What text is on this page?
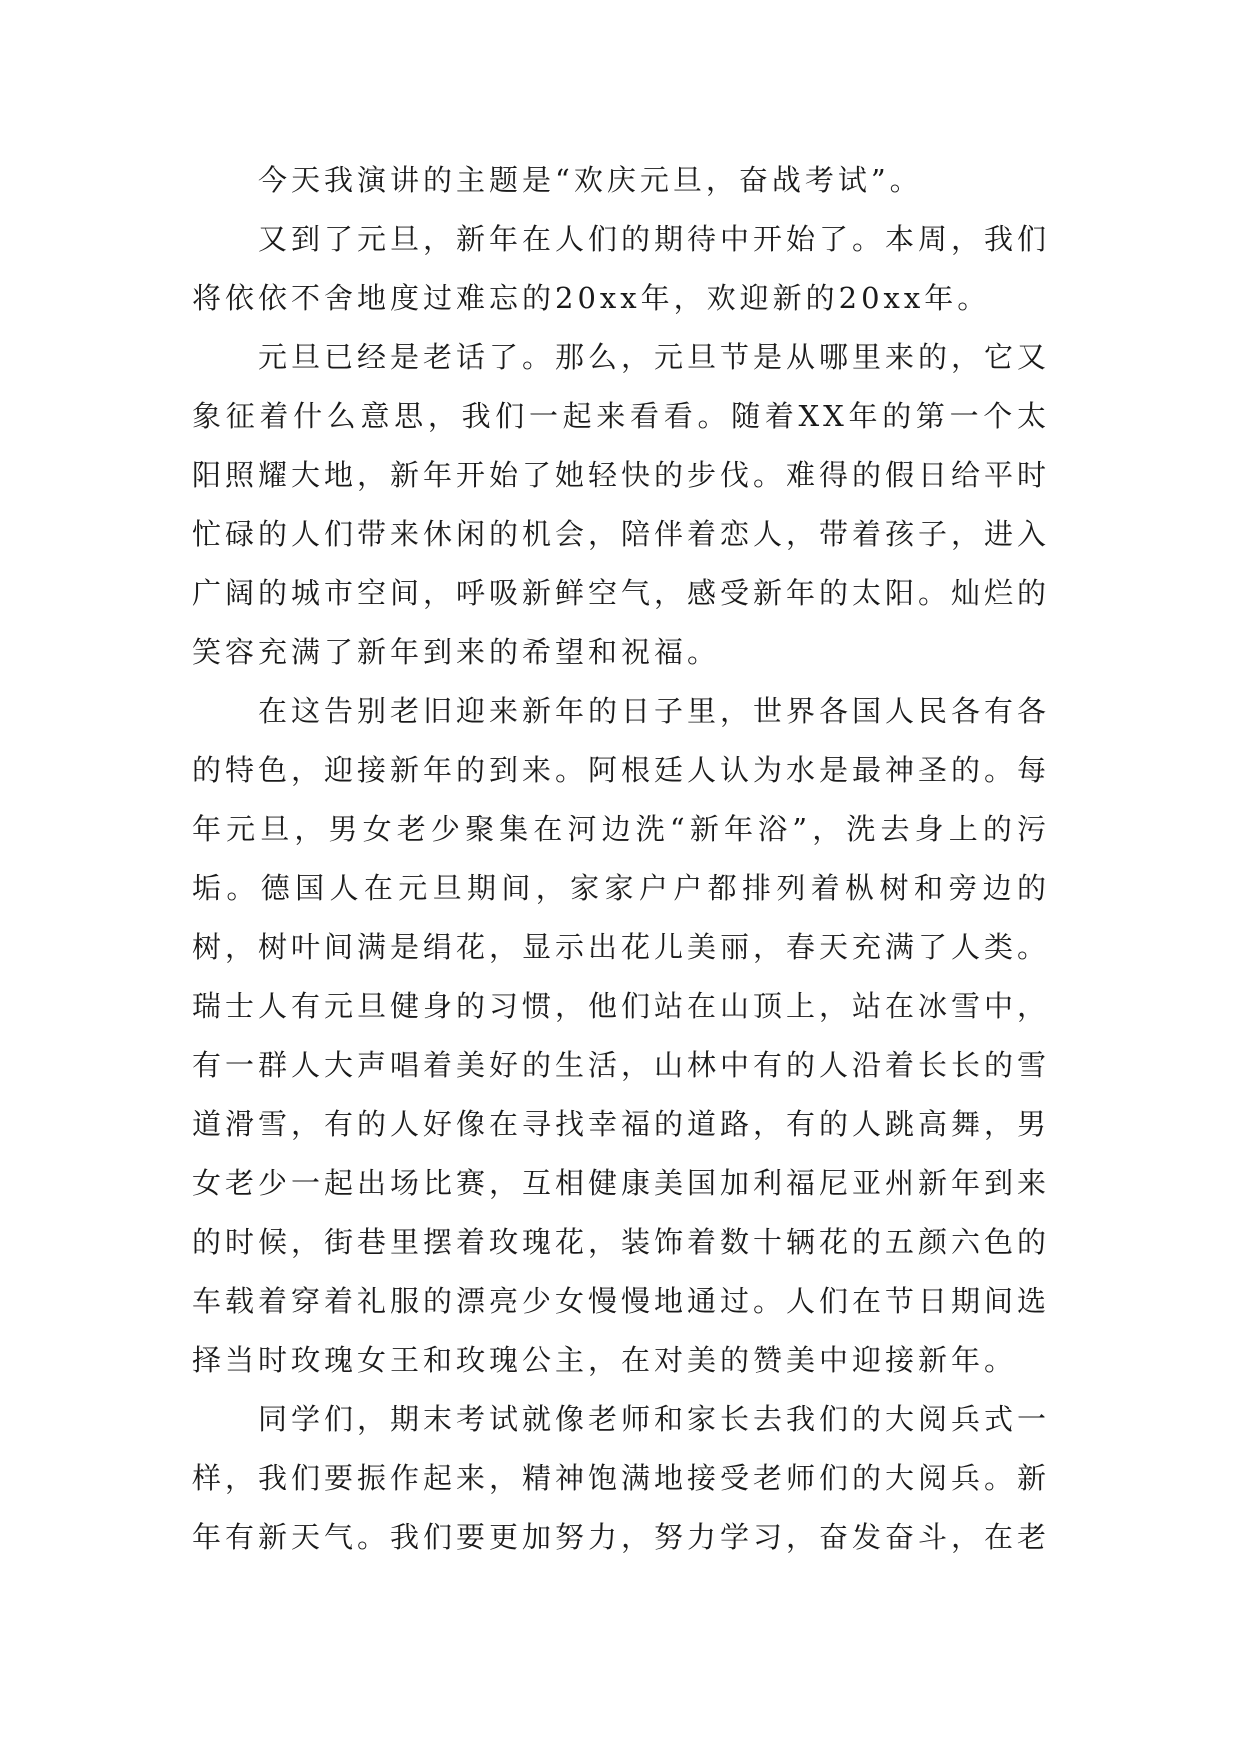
今天我演讲的主题是“欢庆元旦，奋战考试”。

又到了元旦，新年在人们的期待中开始了。本周，我们将依依不舍地度过难忘的20xx年，欢迎新的20xx年。

元旦已经是老话了。那么，元旦节是从哪里来的，它又象征着什么意思，我们一起来看看。随着XX年的第一个太阳照耀大地，新年开始了她轻快的步伐。难得的假日给平时忙碌的人们带来休闲的机会，陪伴着恋人，带着孩子，进入广阔的城市空间，呼吸新鲜空气，感受新年的太阳。灿烂的笑容充满了新年到来的希望和祝福。

在这告别老旧迎来新年的日子里，世界各国人民各有各的特色，迎接新年的到来。阿根廷人认为水是最神圣的。每年元旦，男女老少聚集在河边洗“新年浴”，洗去身上的污垢。德国人在元旦期间，家家户户都排列着枞树和旁边的树，树叶间满是绢花，显示出花儿美丽，春天充满了人类。瑞士人有元旦健身的习惯，他们站在山顶上，站在冰雪中，有一群人大声唱着美好的生活，山林中有的人沿着长长的雪道滑雪，有的人好像在寻找幸福的道路，有的人跳高舞，男女老少一起出场比赛，互相健康美国加利福尼亚州新年到来的时候，街巷里摆着玫瑰花，装饰着数十辆花的五颜六色的车载着穿着礼服的漂亮少女慢慢地通过。人们在节日期间选择当时玫瑰女王和玫瑰公主，在对美的赞美中迎接新年。

同学们，期末考试就像老师和家长去我们的大阅兵式一样，我们要振作起来，精神饱满地接受老师们的大阅兵。新年有新天气。我们要更加努力，努力学习，奋发奋斗，在老
